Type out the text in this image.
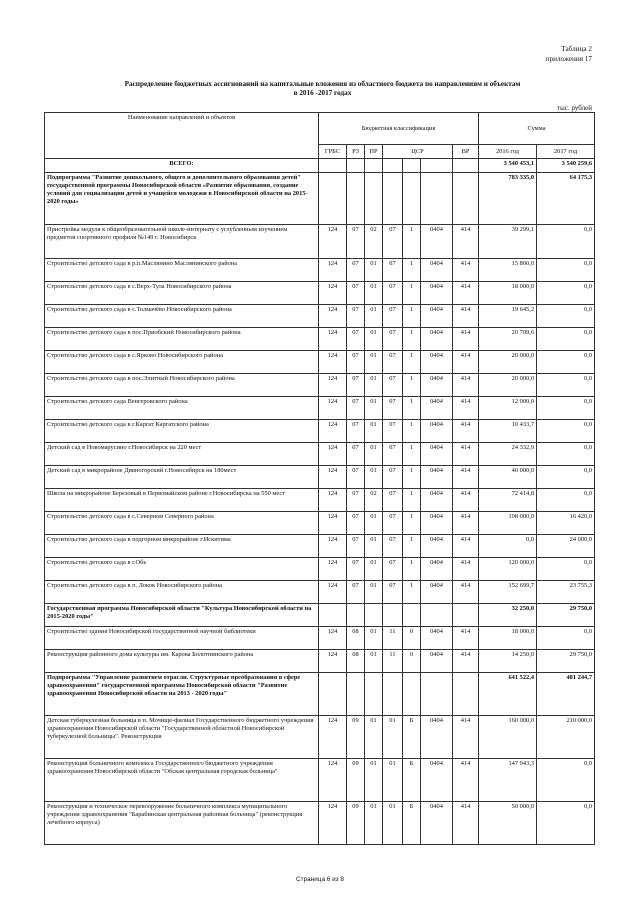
Таблица 2
приложения 17
Распределение бюджетных ассигнований на капитальные вложения из областного бюджета по направлениям и объектам
в 2016 -2017 годах
тыс. рублей
Наименование направлений и объектов	Бюджетная классификация							Сумма	
	ГРБС	РЗ	ПР	ЦСР			ВР	2016 год	2017 год
ВСЕГО:								3 540 453,1	3 540 259,6
Подпрограмма "Развитие дошкольного, общего и дополнительного образования детей" государственной программы Новосибирской области «Развитие образования, создание условий для социализации детей и учащейся молодежи в Новосибирской области на 2015-2020 годы»								783 335,0	64 175,3
Пристройка модуля к общеобразовательной школе-интернату с углубленным изучением предметов спортивного профиля №149 г. Новосибирск	124	07	02	07	1	0404	414	39 299,1	0,0
Строительство детского сада в р.п.Маслянино Маслянинского района	124	07	01	07	1	0404	414	15 800,0	0,0
Строительство детского сада в с.Верх-Тула Новосибирского района	124	07	01	07	1	0404	414	18 000,0	0,0
Строительство детского сада в с.Толмачёво Новосибирского района	124	07	01	07	1	0404	414	19 645,2	0,0
Строительство детского сада в пос.Приобский Новосибирского района	124	07	01	07	1	0404	414	20 709,6	0,0
Строительство детского сада в с.Ярково Новосибирского района	124	07	01	07	1	0404	414	20 000,0	0,0
Строительство детского сада в пос.Элитный Новосибирского района	124	07	01	07	1	0404	414	20 000,0	0,0
Строительство детского сада Венгеровского района	124	07	01	07	1	0404	414	12 000,0	0,0
Строительство детского сада в г.Каргат Каргатского района	124	07	01	07	1	0404	414	10 433,7	0,0
Детский сад в Новомарусино г.Новосибирск на 220 мест	124	07	01	07	1	0404	414	24 332,9	0,0
Детский сад в микрорайоне Дивногорский г.Новосибирск на 180мест	124	07	01	07	1	0404	414	40 000,0	0,0
Школа на микрорайоне Березовый в Первомайском районе г.Новосибирска на 550 мест	124	07	02	07	1	0404	414	72 414,8	0,0
Строительство детского сада в с.Северном Северного района	124	07	01	07	1	0404	414	198 000,0	16 420,0
Строительство детского сада в подгорном микрорайоне г.Искитима	124	07	01	07	1	0404	414	0,0	24 000,0
Строительство детского сада в г.Обь	124	07	01	07	1	0404	414	120 000,0	0,0
Строительство детского сада в п. Локок Новосибирского района	124	07	01	07	1	0404	414	152 699,7	23 755,3
Государственная программа Новосибирской области "Культура Новосибирской области на 2015-2020 годы"								32 250,0	29 750,0
Строительство здания Новосибирской государственной научной библиотеки	124	08	01	11	0	0404	414	18 000,0	0,0
Реконструкция районного дома культуры им. Карова Болотнинского района	124	08	01	11	0	0404	414	14 250,0	29 750,0
Подпрограмма "Управление развитием отрасли. Структурные преобразования в сфере здравоохранения" государственной программы Новосибирской области "Развитие здравоохранения Новосибирской области на 2013 - 2020 годы"								641 522,4	481 244,7
Детская туберкулезная больница в п. Мочище-филиал Государственного бюджетного учреждения здравоохранения Новосибирской области "Государственной областной Новосибирской туберкулезной больницы". Реконструкция	124	09	01	01	Б	0404	414	160 000,0	210 000,0
Реконструкция больничного комплекса Государственного бюджетного учреждения здравоохранения Новосибирской области "Обская центральная городская больница"	124	09	01	01	Б	0404	414	147 943,3	0,0
Реконструкция и техническое перевооружение больничного комплекса муниципального учреждения здравоохранения "Барабинская центральная районная больница" (реконструкция лечебного корпуса)	124	09	01	01	Б	0404	414	50 000,0	0,0
Страница 6 из 8
